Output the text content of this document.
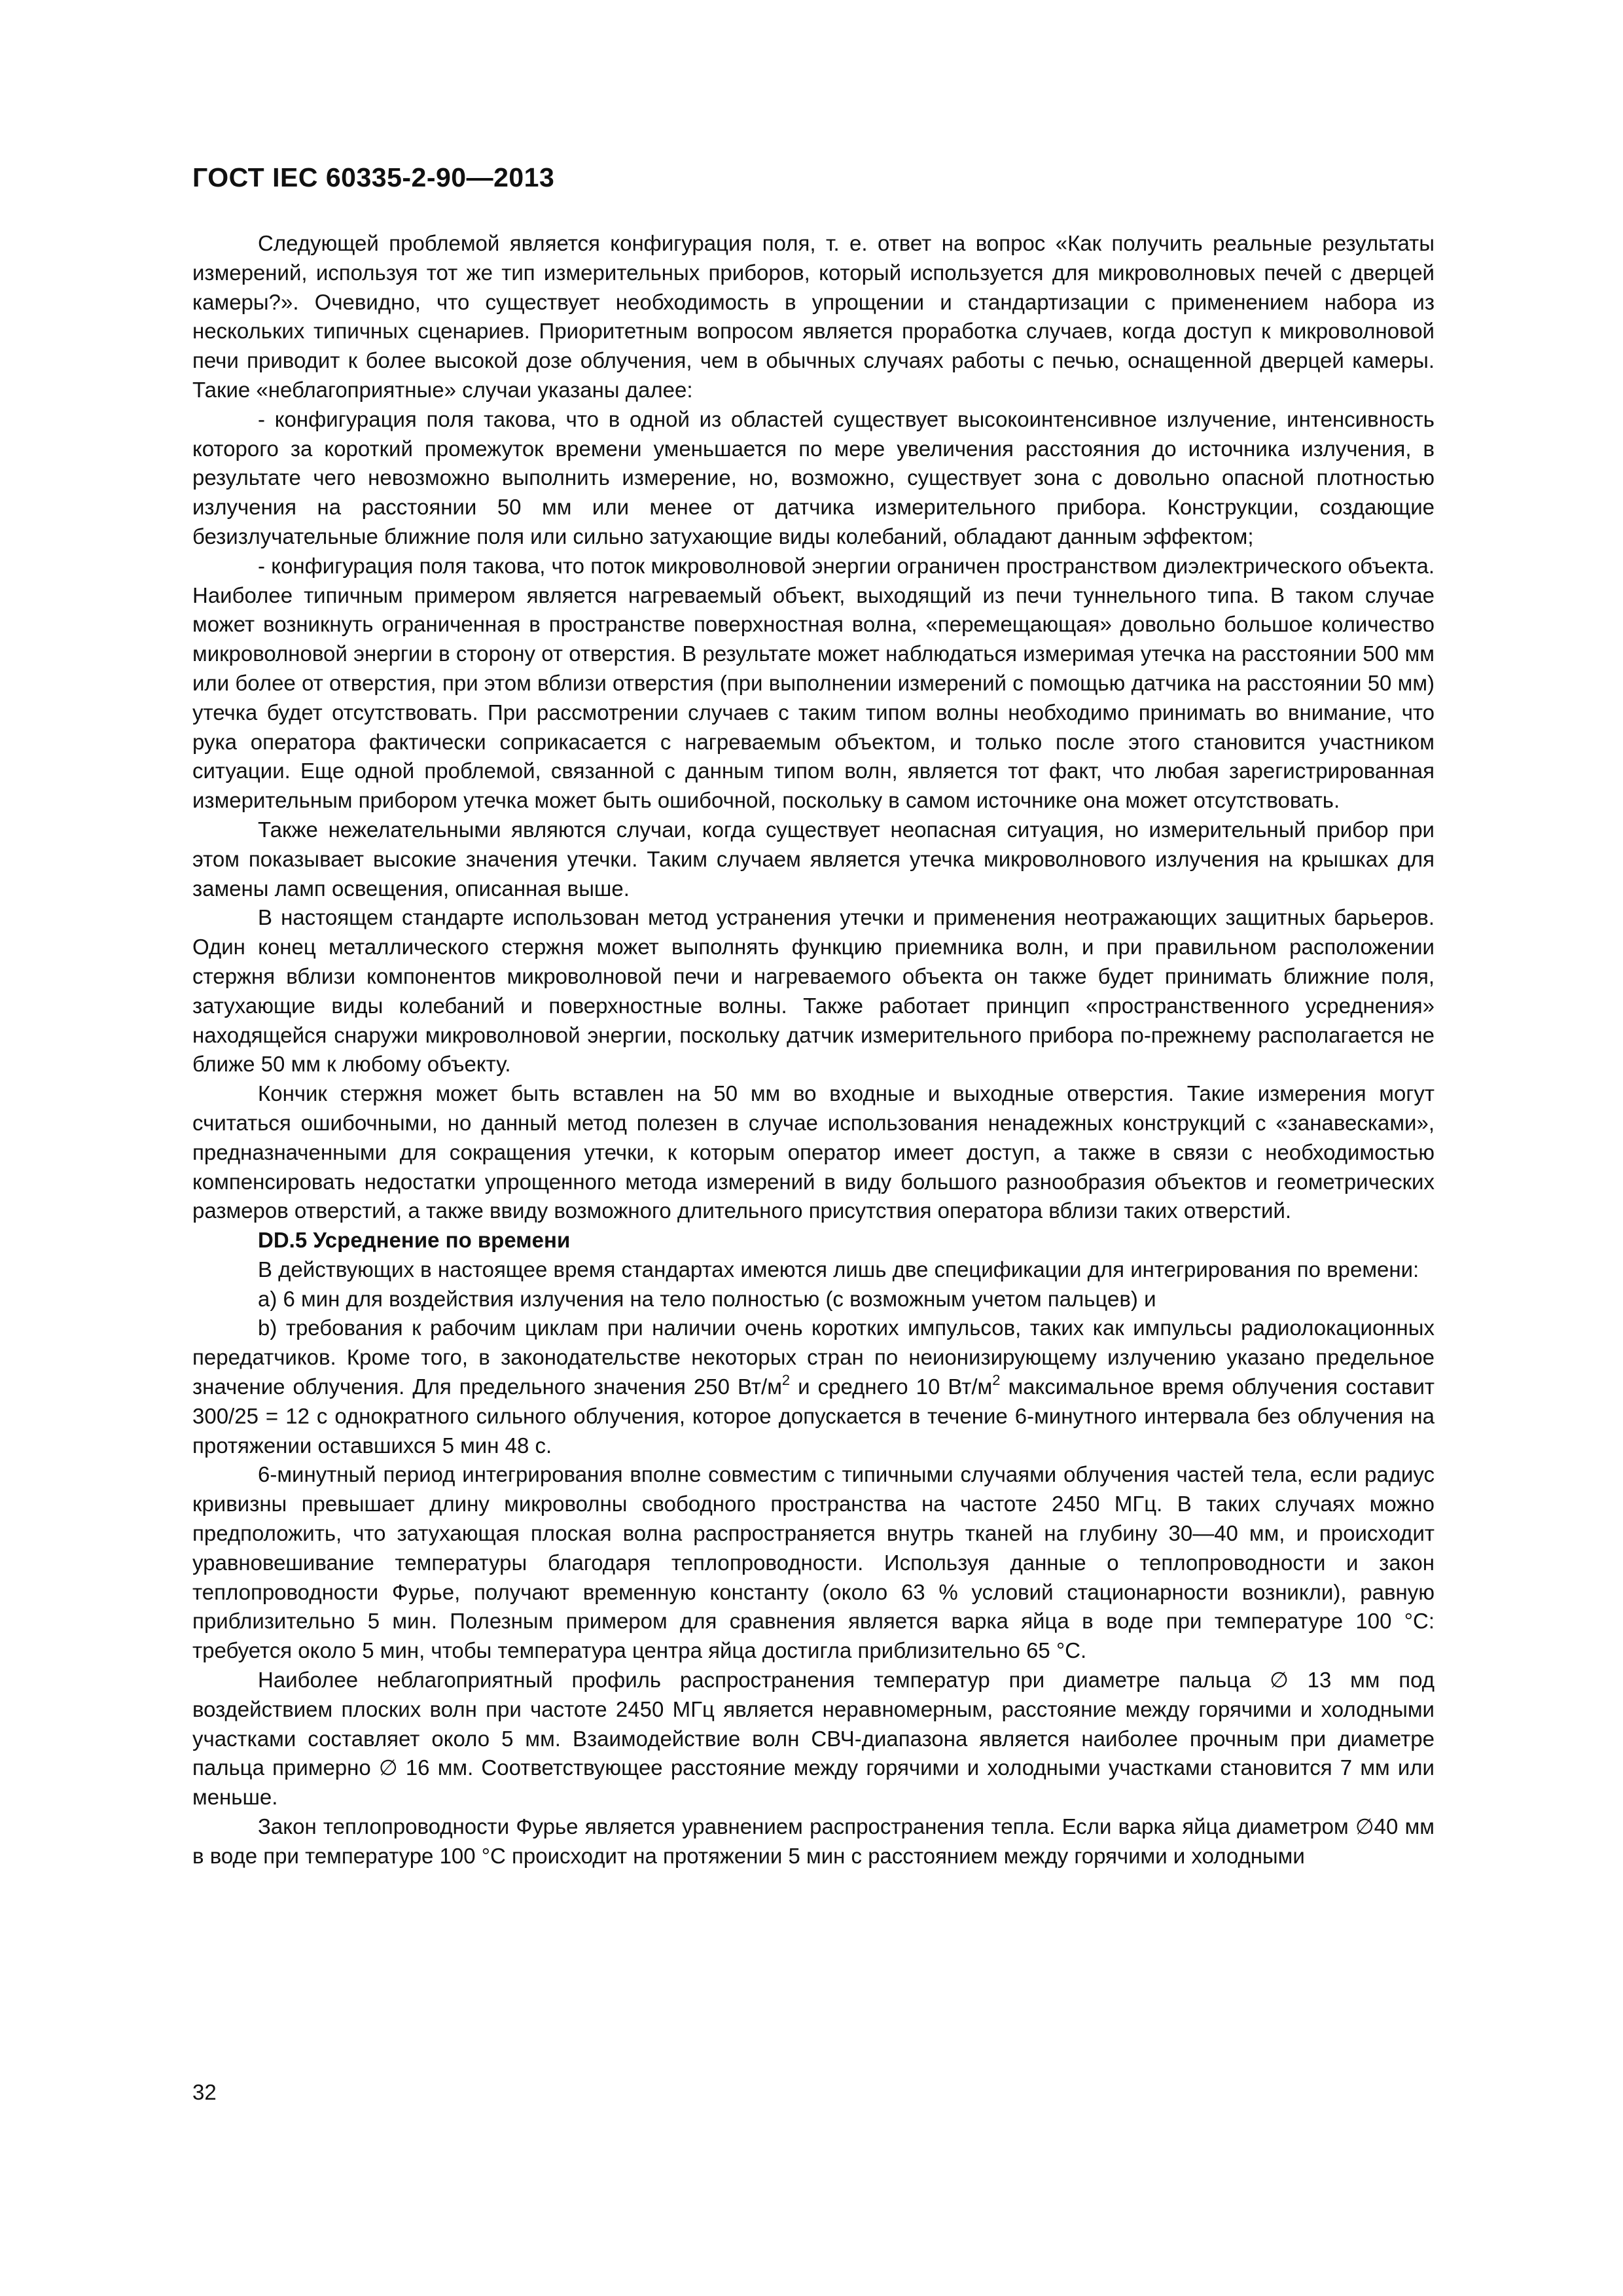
ГОСТ IEC 60335-2-90—2013

Следующей проблемой является конфигурация поля, т. е. ответ на вопрос «Как получить реальные результаты измерений, используя тот же тип измерительных приборов, который используется для микроволновых печей с дверцей камеры?». Очевидно, что существует необходимость в упрощении и стандартизации с применением набора из нескольких типичных сценариев. Приоритетным вопросом является проработка случаев, когда доступ к микроволновой печи приводит к более высокой дозе облучения, чем в обычных случаях работы с печью, оснащенной дверцей камеры. Такие «неблагоприятные» случаи указаны далее:

- конфигурация поля такова, что в одной из областей существует высокоинтенсивное излучение, интенсивность которого за короткий промежуток времени уменьшается по мере увеличения расстояния до источника излучения, в результате чего невозможно выполнить измерение, но, возможно, существует зона с довольно опасной плотностью излучения на расстоянии 50 мм или менее от датчика измерительного прибора. Конструкции, создающие безизлучательные ближние поля или сильно затухающие виды колебаний, обладают данным эффектом;

- конфигурация поля такова, что поток микроволновой энергии ограничен пространством диэлектрического объекта. Наиболее типичным примером является нагреваемый объект, выходящий из печи туннельного типа. В таком случае может возникнуть ограниченная в пространстве поверхностная волна, «перемещающая» довольно большое количество микроволновой энергии в сторону от отверстия. В результате может наблюдаться измеримая утечка на расстоянии 500 мм или более от отверстия, при этом вблизи отверстия (при выполнении измерений с помощью датчика на расстоянии 50 мм) утечка будет отсутствовать. При рассмотрении случаев с таким типом волны необходимо принимать во внимание, что рука оператора фактически соприкасается с нагреваемым объектом, и только после этого становится участником ситуации. Еще одной проблемой, связанной с данным типом волн, является тот факт, что любая зарегистрированная измерительным прибором утечка может быть ошибочной, поскольку в самом источнике она может отсутствовать.

Также нежелательными являются случаи, когда существует неопасная ситуация, но измерительный прибор при этом показывает высокие значения утечки. Таким случаем является утечка микроволнового излучения на крышках для замены ламп освещения, описанная выше.

В настоящем стандарте использован метод устранения утечки и применения неотражающих защитных барьеров. Один конец металлического стержня может выполнять функцию приемника волн, и при правильном расположении стержня вблизи компонентов микроволновой печи и нагреваемого объекта он также будет принимать ближние поля, затухающие виды колебаний и поверхностные волны. Также работает принцип «пространственного усреднения» находящейся снаружи микроволновой энергии, поскольку датчик измерительного прибора по-прежнему располагается не ближе 50 мм к любому объекту.

Кончик стержня может быть вставлен на 50 мм во входные и выходные отверстия. Такие измерения могут считаться ошибочными, но данный метод полезен в случае использования ненадежных конструкций с «занавесками», предназначенными для сокращения утечки, к которым оператор имеет доступ, а также в связи с необходимостью компенсировать недостатки упрощенного метода измерений в виду большого разнообразия объектов и геометрических размеров отверстий, а также ввиду возможного длительного присутствия оператора вблизи таких отверстий.

DD.5 Усреднение по времени

В действующих в настоящее время стандартах имеются лишь две спецификации для интегрирования по времени:

а) 6 мин для воздействия излучения на тело полностью (с возможным учетом пальцев) и

b) требования к рабочим циклам при наличии очень коротких импульсов, таких как импульсы радиолокационных передатчиков. Кроме того, в законодательстве некоторых стран по неионизирующему излучению указано предельное значение облучения. Для предельного значения 250 $Вт/м^2$ и среднего 10 $Вт/м^2$ максимальное время облучения составит 300/25 = 12 с однократного сильного облучения, которое допускается в течение 6-минутного интервала без облучения на протяжении оставшихся 5 мин 48 с.

6-минутный период интегрирования вполне совместим с типичными случаями облучения частей тела, если радиус кривизны превышает длину микроволны свободного пространства на частоте 2450 МГц. В таких случаях можно предположить, что затухающая плоская волна распространяется внутрь тканей на глубину 30—40 мм, и происходит уравновешивание температуры благодаря теплопроводности. Используя данные о теплопроводности и закон теплопроводности Фурье, получают временную константу (около 63 % условий стационарности возникли), равную приблизительно 5 мин. Полезным примером для сравнения является варка яйца в воде при температуре 100 °С: требуется около 5 мин, чтобы температура центра яйца достигла приблизительно 65 °С.

Наиболее неблагоприятный профиль распространения температур при диаметре пальца ∅ 13 мм под воздействием плоских волн при частоте 2450 МГц является неравномерным, расстояние между горячими и холодными участками составляет около 5 мм. Взаимодействие волн СВЧ-диапазона является наиболее прочным при диаметре пальца примерно ∅ 16 мм. Соответствующее расстояние между горячими и холодными участками становится 7 мм или меньше.

Закон теплопроводности Фурье является уравнением распространения тепла. Если варка яйца диаметром ∅40 мм в воде при температуре 100 °С происходит на протяжении 5 мин с расстоянием между горячими и холодными

32
